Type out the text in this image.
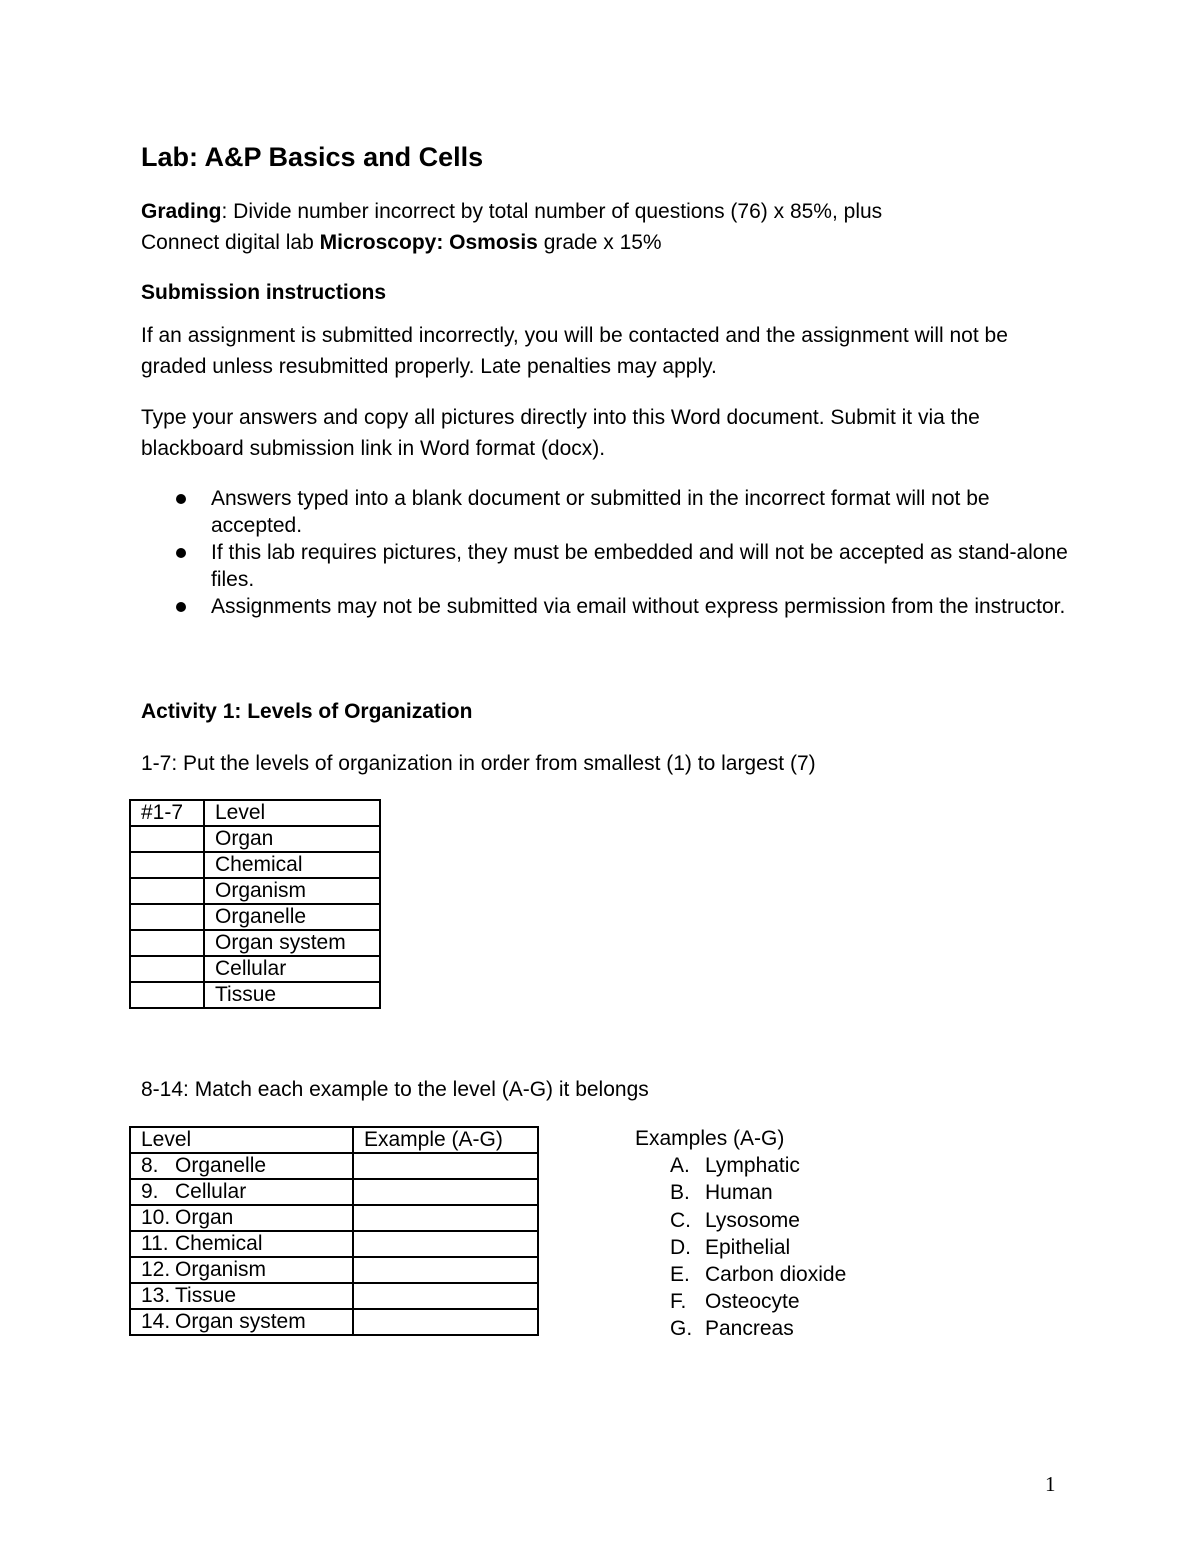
Lab: A&P Basics and Cells

Grading: Divide number incorrect by total number of questions (76) x 85%, plus
Connect digital lab Microscopy: Osmosis grade x 15%

Submission instructions

If an assignment is submitted incorrectly, you will be contacted and the assignment will not be graded unless resubmitted properly. Late penalties may apply.

Type your answers and copy all pictures directly into this Word document. Submit it via the blackboard submission link in Word format (docx).

Answers typed into a blank document or submitted in the incorrect format will not be accepted.
If this lab requires pictures, they must be embedded and will not be accepted as stand-alone files.
Assignments may not be submitted via email without express permission from the instructor.
Activity 1: Levels of Organization

1-7: Put the levels of organization in order from smallest (1) to largest (7)

#1-7	Level
	Organ
	Chemical
	Organism
	Organelle
	Organ system
	Cellular
	Tissue

8-14: Match each example to the level (A-G) it belongs

Level	Example (A-G)
8. Organelle	
9. Cellular	
10. Organ	
11. Chemical	
12. Organism	
13. Tissue	
14. Organ system	
Examples (A-G)
A. Lymphatic
B. Human
C. Lysosome
D. Epithelial
E. Carbon dioxide
F. Osteocyte
G. Pancreas
1
